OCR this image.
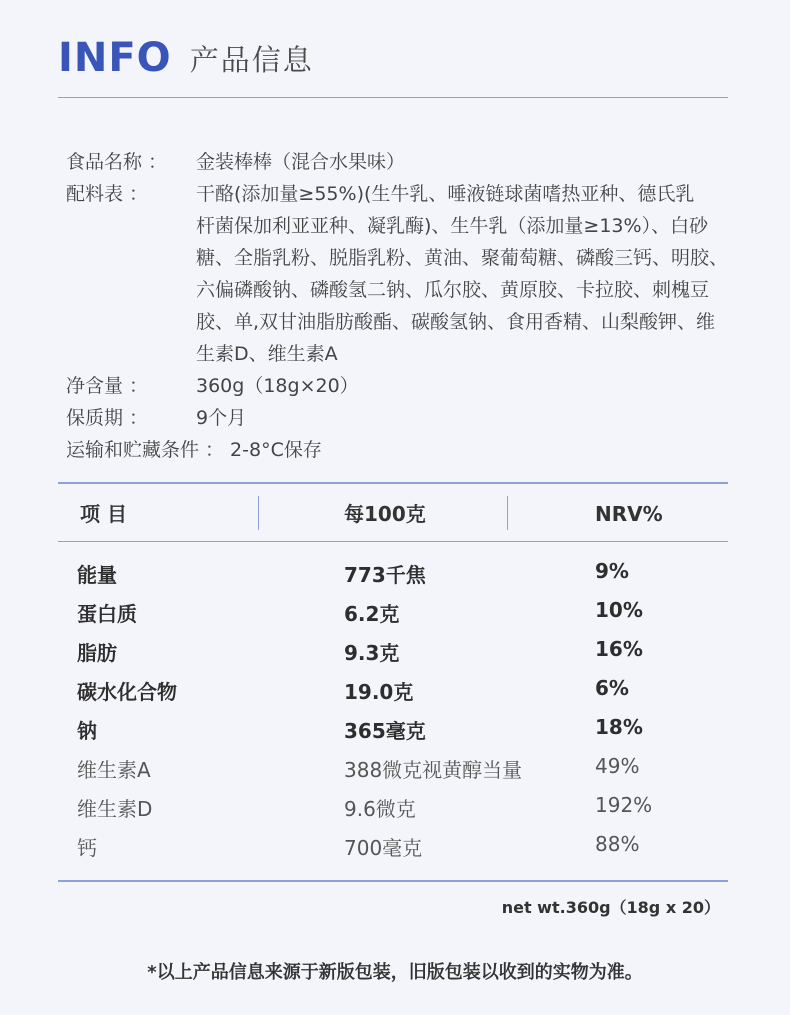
INFO 产品信息
食品名称 ：	金装棒棒（混合水果味）
配料表 ：	干酪(添加量≥55%)(生牛乳、唾液链球菌嗜热亚种、德氏乳
杆菌保加利亚亚种、凝乳酶)、生牛乳（添加量≥13%）、白砂
糖、全脂乳粉、脱脂乳粉、黄油、聚葡萄糖、磷酸三钙、明胶、
六偏磷酸钠、磷酸氢二钠、瓜尔胶、黄原胶、卡拉胶、刺槐豆
胶、单,双甘油脂肪酸酯、碳酸氢钠、食用香精、山梨酸钾、维
生素D、维生素A
净含量 ：	360g（18g×20）
保质期 ：	9个月
运输和贮藏条件 ： 2-8°C保存
项 目	每100克	NRV%
能量	773千焦	9%
蛋白质	6.2克	10%
脂肪	9.3克	16%
碳水化合物	19.0克	6%
钠	365毫克	18%
维生素A	388微克视黄醇当量	49%
维生素D	9.6微克	192%
钙	700毫克	88%
net wt.360g（18g x 20）
*以上产品信息来源于新版包装，旧版包装以收到的实物为准。
